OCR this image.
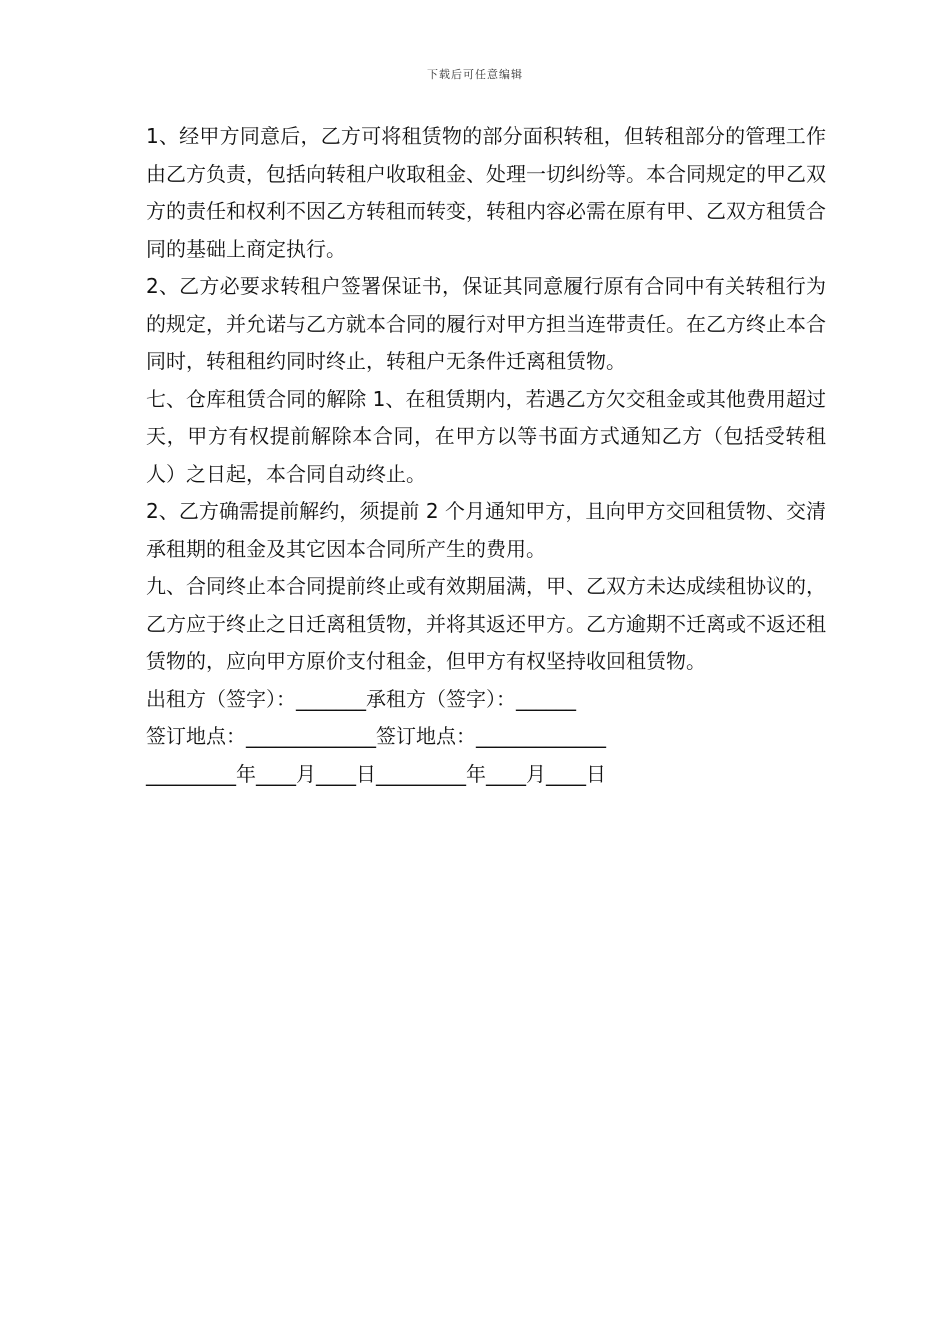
下载后可任意编辑

1、经甲方同意后，乙方可将租赁物的部分面积转租，但转租部分的管理工作由乙方负责，包括向转租户收取租金、处理一切纠纷等。本合同规定的甲乙双方的责任和权利不因乙方转租而转变，转租内容必需在原有甲、乙双方租赁合同的基础上商定执行。

2、乙方必要求转租户签署保证书，保证其同意履行原有合同中有关转租行为的规定，并允诺与乙方就本合同的履行对甲方担当连带责任。在乙方终止本合同时，转租租约同时终止，转租户无条件迁离租赁物。

七、仓库租赁合同的解除 1、在租赁期内，若遇乙方欠交租金或其他费用超过天，甲方有权提前解除本合同，在甲方以等书面方式通知乙方（包括受转租人）之日起，本合同自动终止。

2、乙方确需提前解约，须提前 2 个月通知甲方，且向甲方交回租赁物、交清承租期的租金及其它因本合同所产生的费用。

九、合同终止本合同提前终止或有效期届满，甲、乙双方未达成续租协议的，乙方应于终止之日迁离租赁物，并将其返还甲方。乙方逾期不迁离或不返还租赁物的，应向甲方原价支付租金，但甲方有权坚持收回租赁物。

出租方（签字）：_______承租方（签字）：______

签订地点：_____________签订地点：_____________

_________年____月____日_________年____月____日
